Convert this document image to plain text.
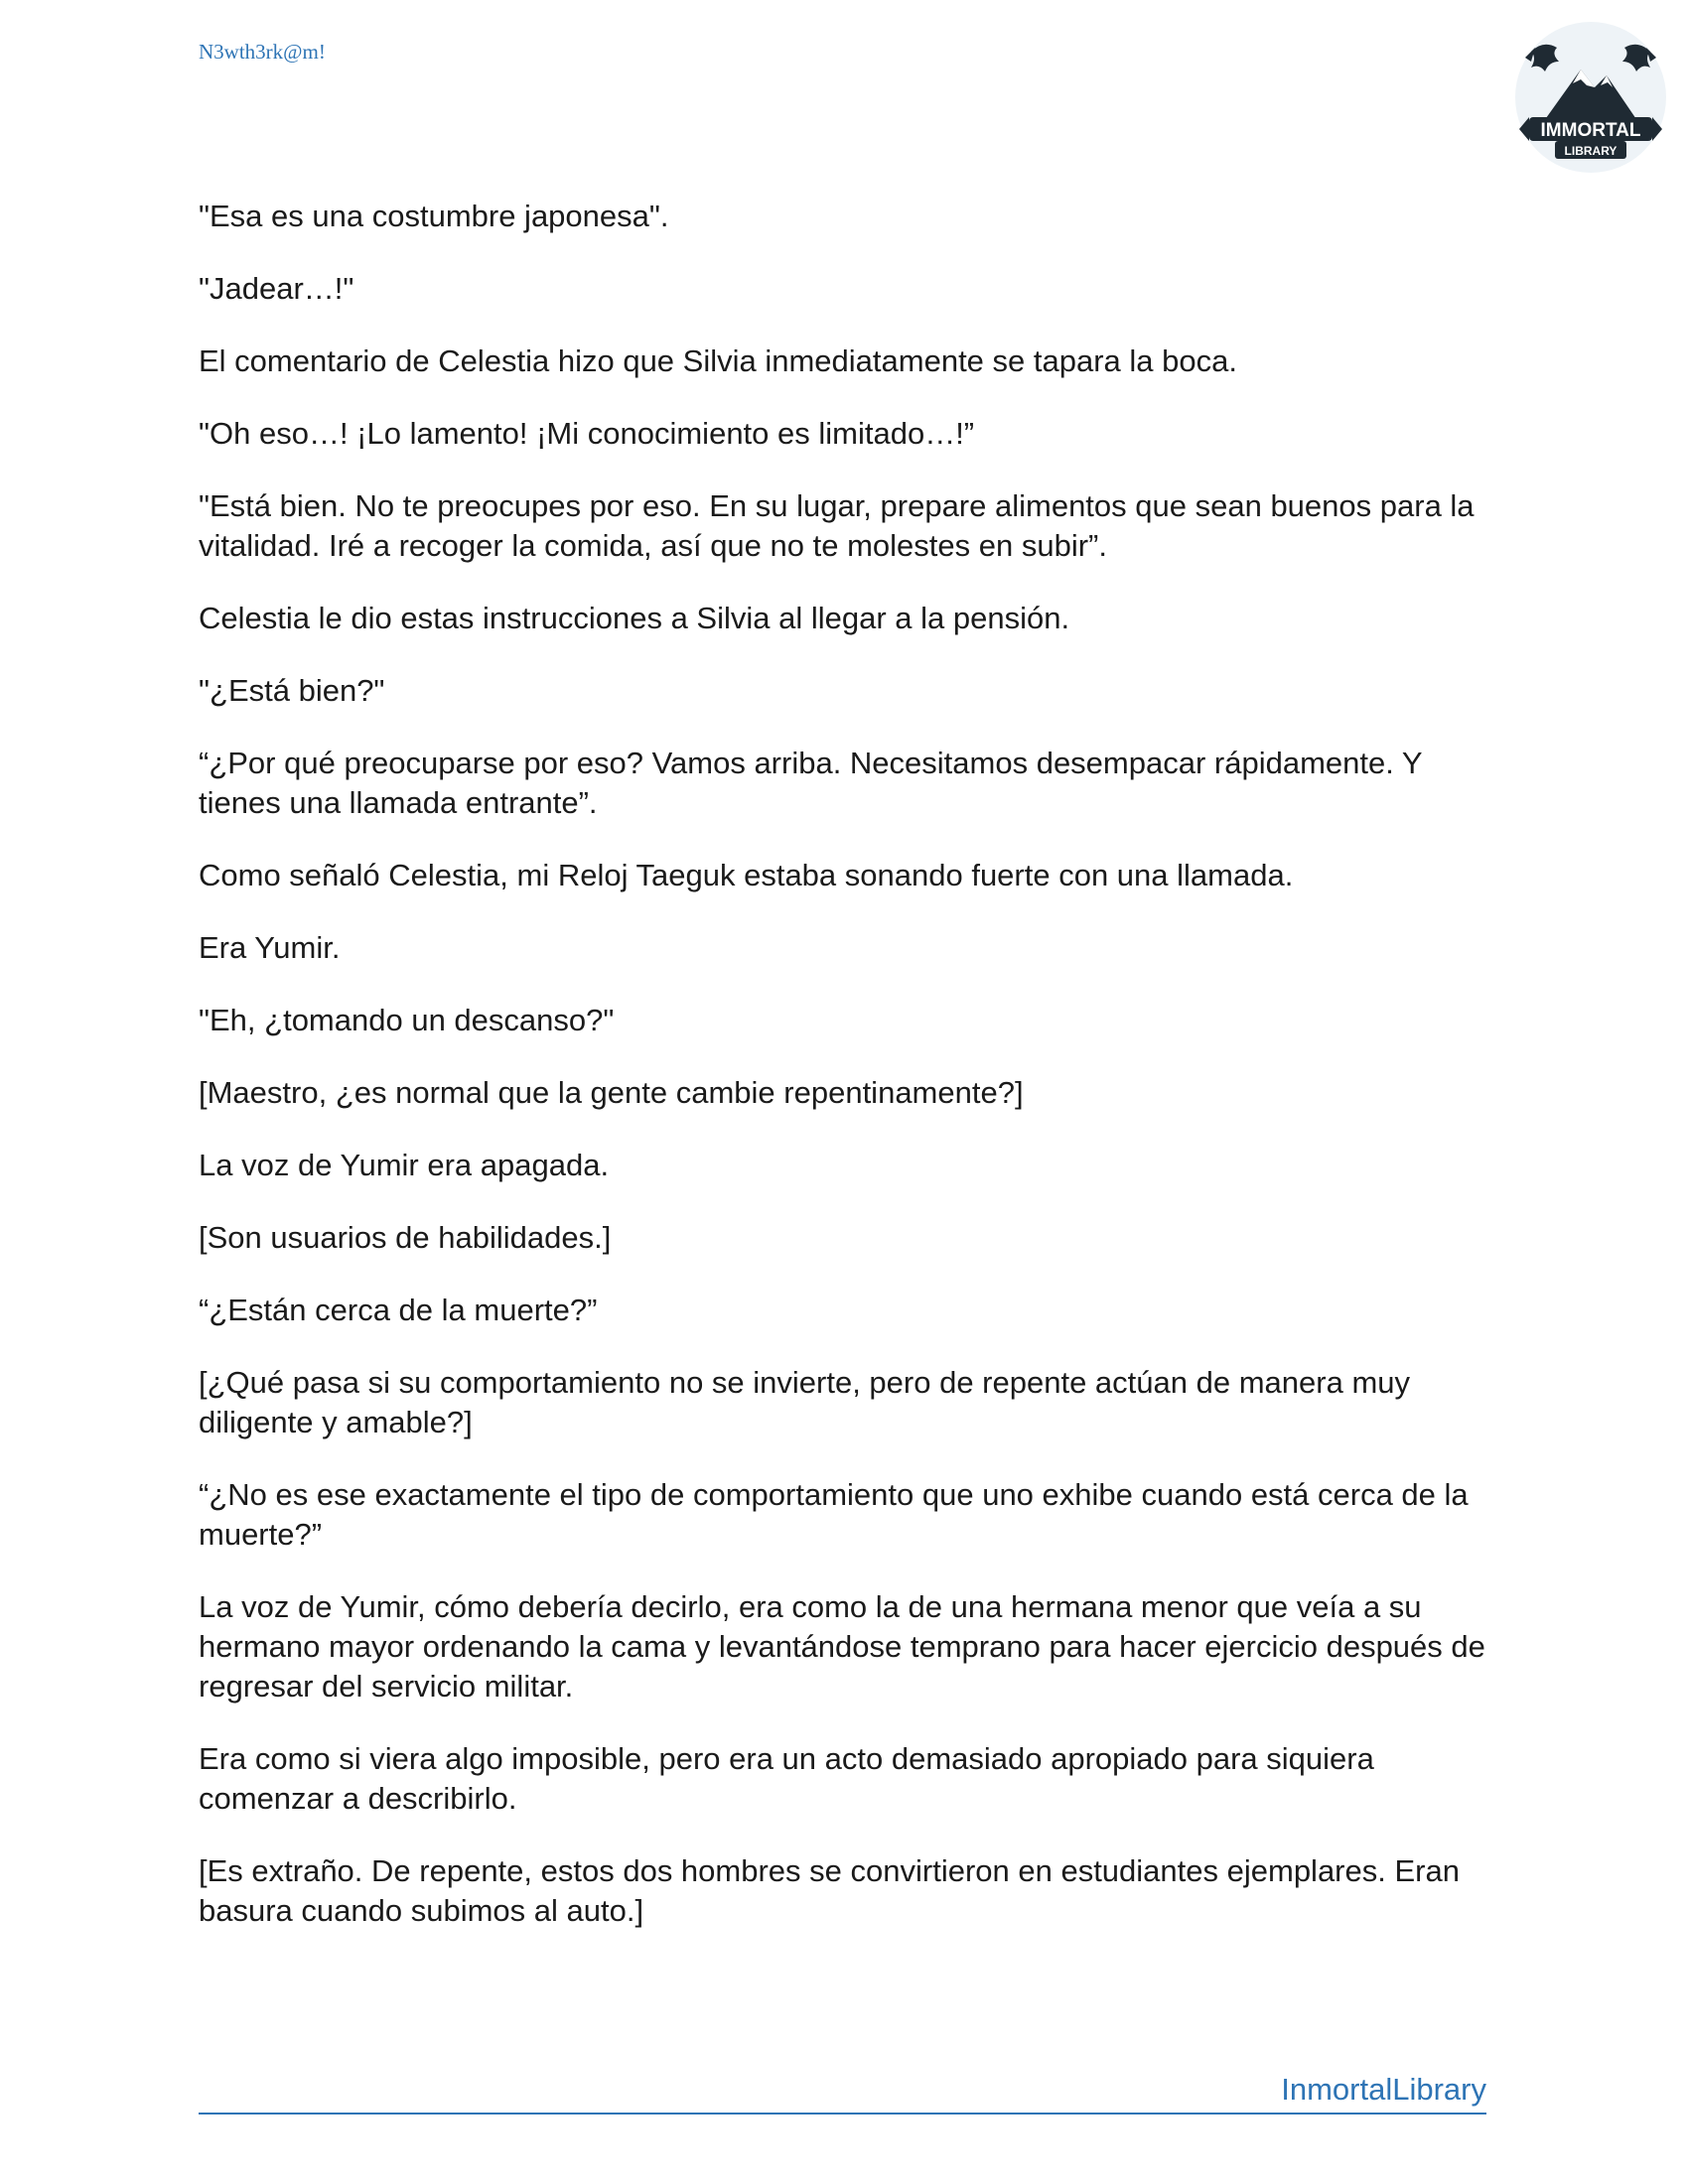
N3wth3rk@m!
IMMORTAL
LIBRARY

"Esa es una costumbre japonesa".

"Jadear…!"

El comentario de Celestia hizo que Silvia inmediatamente se tapara la boca.

"Oh eso…! ¡Lo lamento! ¡Mi conocimiento es limitado…!”

"Está bien. No te preocupes por eso. En su lugar, prepare alimentos que sean buenos para la vitalidad. Iré a recoger la comida, así que no te molestes en subir”.

Celestia le dio estas instrucciones a Silvia al llegar a la pensión.

"¿Está bien?"

“¿Por qué preocuparse por eso? Vamos arriba. Necesitamos desempacar rápidamente. Y tienes una llamada entrante”.

Como señaló Celestia, mi Reloj Taeguk estaba sonando fuerte con una llamada.

Era Yumir.

"Eh, ¿tomando un descanso?"

[Maestro, ¿es normal que la gente cambie repentinamente?]

La voz de Yumir era apagada.

[Son usuarios de habilidades.]

“¿Están cerca de la muerte?”

[¿Qué pasa si su comportamiento no se invierte, pero de repente actúan de manera muy diligente y amable?]

“¿No es ese exactamente el tipo de comportamiento que uno exhibe cuando está cerca de la muerte?”

La voz de Yumir, cómo debería decirlo, era como la de una hermana menor que veía a su hermano mayor ordenando la cama y levantándose temprano para hacer ejercicio después de regresar del servicio militar.

Era como si viera algo imposible, pero era un acto demasiado apropiado para siquiera comenzar a describirlo.

[Es extraño. De repente, estos dos hombres se convirtieron en estudiantes ejemplares. Eran basura cuando subimos al auto.]

InmortalLibrary
